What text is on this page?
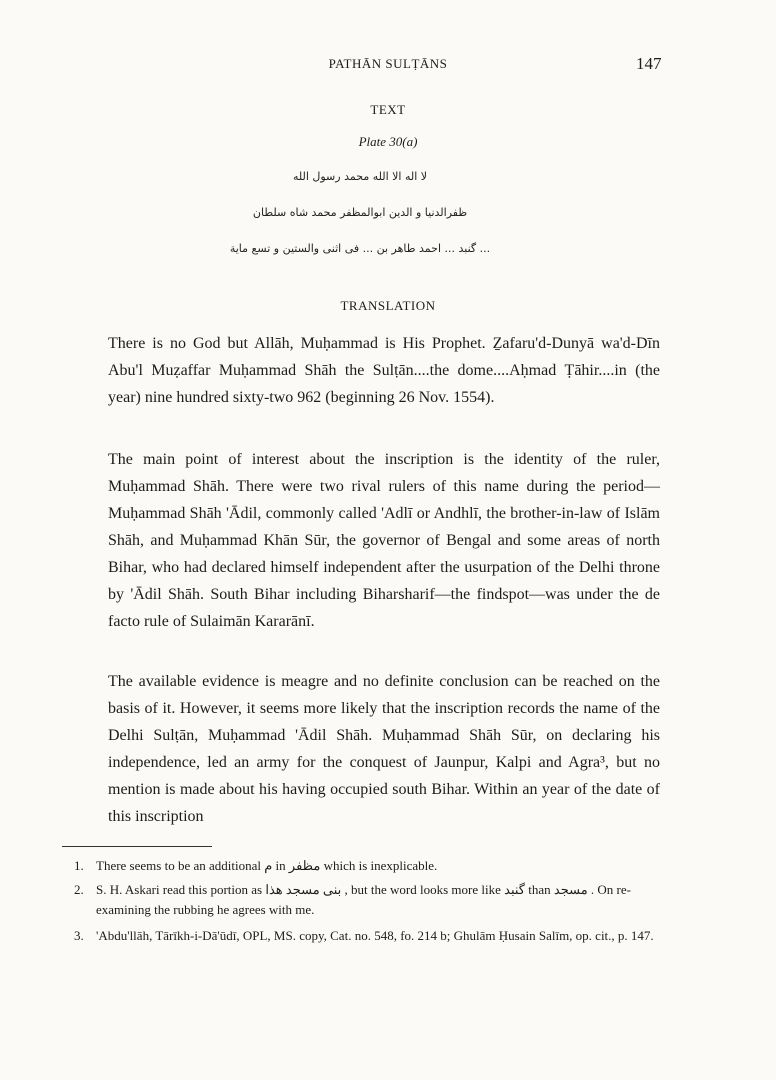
PATHĀN SULṬĀNS	147
TEXT
Plate 30(a)
لا اله الا الله محمد رسول الله
ظفرالدنیا و الدین ابوالمظفر محمد شاه سلطان
... گنبد ... احمد طاهر بن ... فی اثنی والستین و تسع مایة
TRANSLATION

There is no God but Allāh, Muḥammad is His Prophet. Ẕafaru'd-Dunyā wa'd-Dīn Abu'l Muẓaffar Muḥammad Shāh the Sulṭān....the dome....Aḥmad Ṭāhir....in (the year) nine hundred sixty-two 962 (beginning 26 Nov. 1554).

The main point of interest about the inscription is the identity of the ruler, Muḥammad Shāh. There were two rival rulers of this name during the period—Muḥammad Shāh 'Ādil, commonly called 'Adlī or Andhlī, the brother-in-law of Islām Shāh, and Muḥammad Khān Sūr, the governor of Bengal and some areas of north Bihar, who had declared himself independent after the usurpation of the Delhi throne by 'Ādil Shāh. South Bihar including Biharsharif—the findspot—was under the de facto rule of Sulaimān Kararānī.

The available evidence is meagre and no definite conclusion can be reached on the basis of it. However, it seems more likely that the inscription records the name of the Delhi Sulṭān, Muḥammad 'Ādil Shāh. Muḥammad Shāh Sūr, on declaring his independence, led an army for the conquest of Jaunpur, Kalpi and Agra³, but no mention is made about his having occupied south Bihar. Within an year of the date of this inscription

1. There seems to be an additional م in مظفر which is inexplicable.
2. S. H. Askari read this portion as بنی مسجد هذا , but the word looks more like گنبد than مسجد . On re-examining the rubbing he agrees with me.
3. 'Abdu'llāh, Tārīkh-i-Dā'ūdī, OPL, MS. copy, Cat. no. 548, fo. 214 b; Ghulām Ḥusain Salīm, op. cit., p. 147.
